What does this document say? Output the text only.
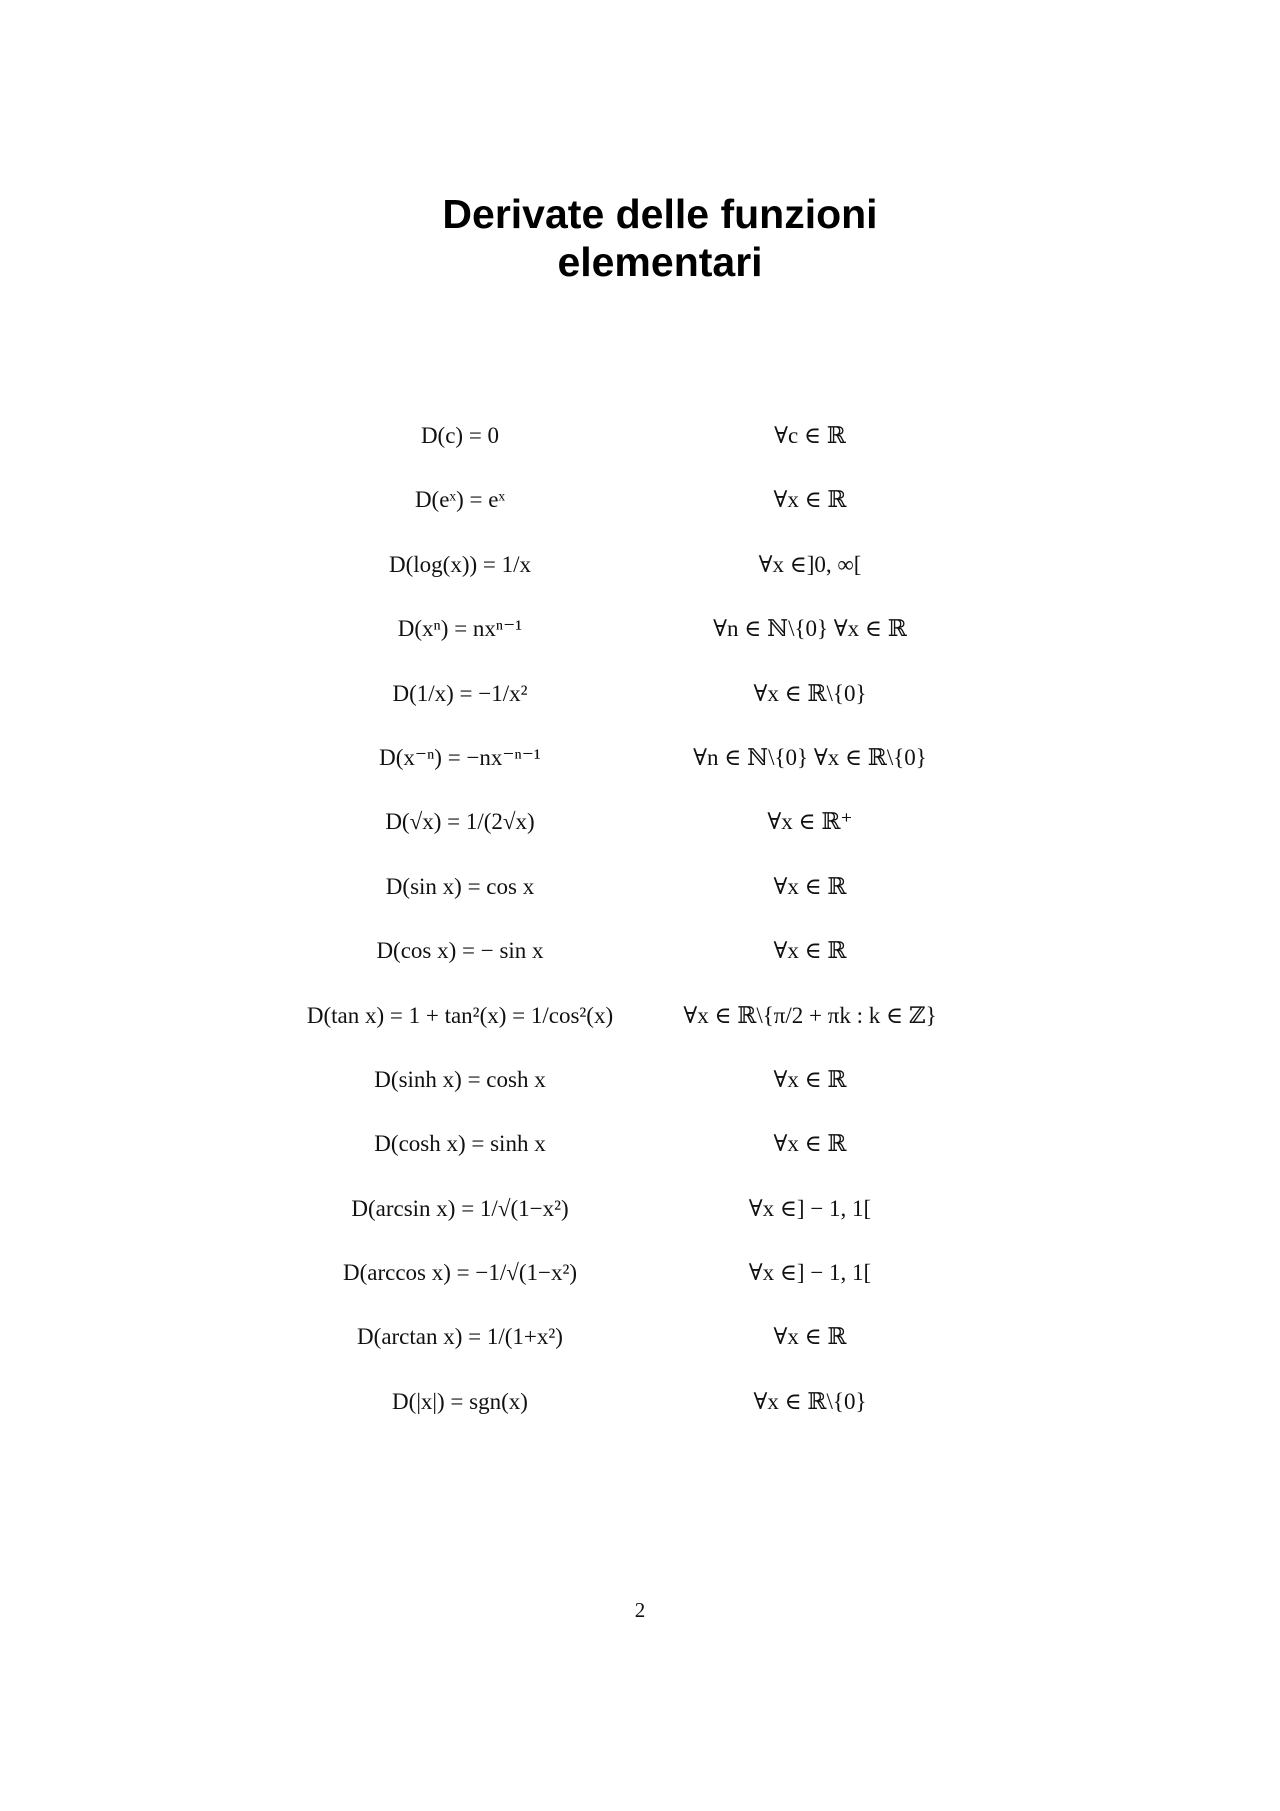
Derivate delle funzioni
elementari
D(c) = 0	∀c ∈ ℝ
D(eˣ) = eˣ	∀x ∈ ℝ
D(log(x)) = 1/x	∀x ∈]0, ∞[
D(xⁿ) = nxⁿ⁻¹	∀n ∈ ℕ\{0} ∀x ∈ ℝ
D(1/x) = −1/x²	∀x ∈ ℝ\{0}
D(x⁻ⁿ) = −nx⁻ⁿ⁻¹	∀n ∈ ℕ\{0} ∀x ∈ ℝ\{0}
D(√x) = 1/(2√x)	∀x ∈ ℝ⁺
D(sin x) = cos x	∀x ∈ ℝ
D(cos x) = − sin x	∀x ∈ ℝ
D(tan x) = 1 + tan²(x) = 1/cos²(x)	∀x ∈ ℝ\{π/2 + πk : k ∈ ℤ}
D(sinh x) = cosh x	∀x ∈ ℝ
D(cosh x) = sinh x	∀x ∈ ℝ
D(arcsin x) = 1/√(1−x²)	∀x ∈] − 1, 1[
D(arccos x) = −1/√(1−x²)	∀x ∈] − 1, 1[
D(arctan x) = 1/(1+x²)	∀x ∈ ℝ
D(|x|) = sgn(x)	∀x ∈ ℝ\{0}
2
